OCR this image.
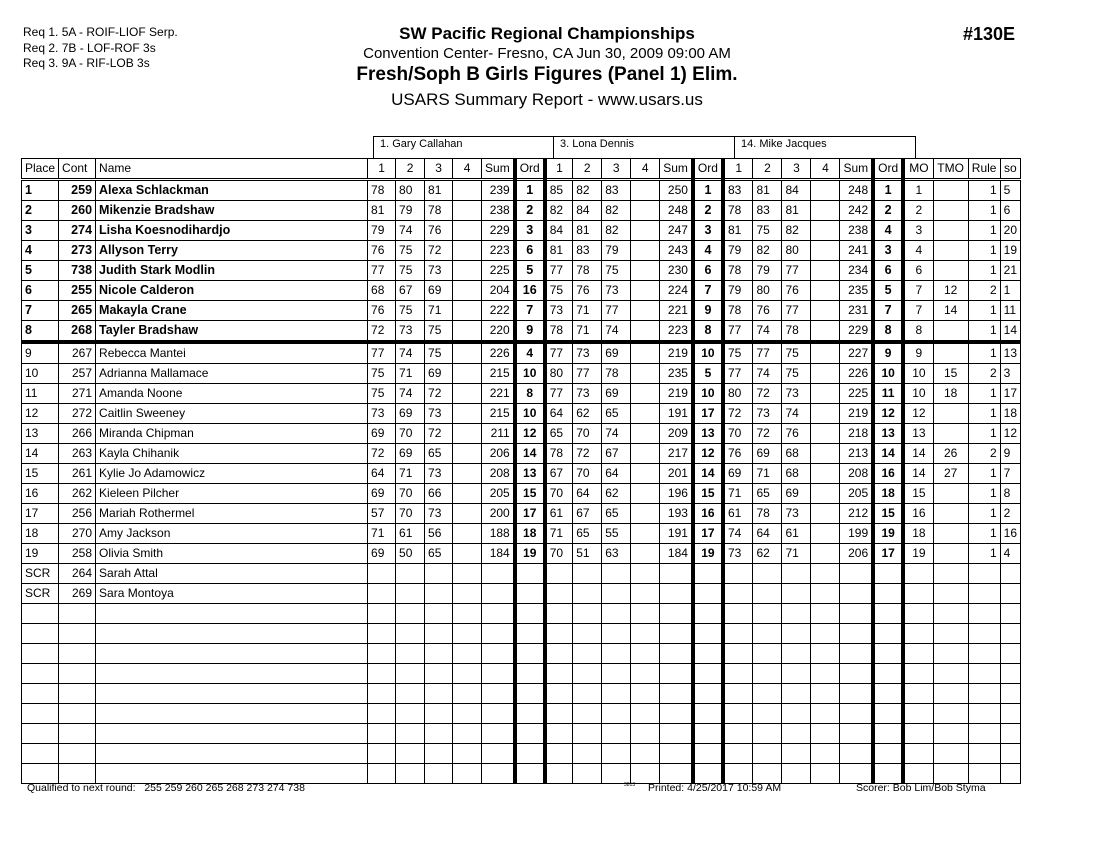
Req 1. 5A - ROIF-LIOF Serp.
Req 2. 7B - LOF-ROF 3s
Req 3. 9A - RIF-LOB 3s
SW Pacific Regional Championships
Convention Center- Fresno, CA Jun 30, 2009 09:00 AM
Fresh/Soph B Girls Figures (Panel 1) Elim.
USARS Summary Report - www.usars.us
#130E
1. Gary Callahan	3. Lona Dennis	14. Mike Jacques
Place	Cont	Name	1	2	3	4	Sum	Ord	1	2	3	4	Sum	Ord	1	2	3	4	Sum	Ord	MO	TMO	Rule	so
1	259	Alexa Schlackman	78	80	81		239	1	85	82	83		250	1	83	81	84		248	1	1		1	5
2	260	Mikenzie Bradshaw	81	79	78		238	2	82	84	82		248	2	78	83	81		242	2	2		1	6
3	274	Lisha Koesnodihardjo	79	74	76		229	3	84	81	82		247	3	81	75	82		238	4	3		1	20
4	273	Allyson Terry	76	75	72		223	6	81	83	79		243	4	79	82	80		241	3	4		1	19
5	738	Judith Stark Modlin	77	75	73		225	5	77	78	75		230	6	78	79	77		234	6	6		1	21
6	255	Nicole Calderon	68	67	69		204	16	75	76	73		224	7	79	80	76		235	5	7	12	2	1
7	265	Makayla Crane	76	75	71		222	7	73	71	77		221	9	78	76	77		231	7	7	14	1	11
8	268	Tayler Bradshaw	72	73	75		220	9	78	71	74		223	8	77	74	78		229	8	8		1	14
9	267	Rebecca Mantei	77	74	75		226	4	77	73	69		219	10	75	77	75		227	9	9		1	13
10	257	Adrianna Mallamace	75	71	69		215	10	80	77	78		235	5	77	74	75		226	10	10	15	2	3
11	271	Amanda Noone	75	74	72		221	8	77	73	69		219	10	80	72	73		225	11	10	18	1	17
12	272	Caitlin Sweeney	73	69	73		215	10	64	62	65		191	17	72	73	74		219	12	12		1	18
13	266	Miranda Chipman	69	70	72		211	12	65	70	74		209	13	70	72	76		218	13	13		1	12
14	263	Kayla Chihanik	72	69	65		206	14	78	72	67		217	12	76	69	68		213	14	14	26	2	9
15	261	Kylie Jo Adamowicz	64	71	73		208	13	67	70	64		201	14	69	71	68		208	16	14	27	1	7
16	262	Kieleen Pilcher	69	70	66		205	15	70	64	62		196	15	71	65	69		205	18	15		1	8
17	256	Mariah Rothermel	57	70	73		200	17	61	67	65		193	16	61	78	73		212	15	16		1	2
18	270	Amy Jackson	71	61	56		188	18	71	65	55		191	17	74	64	61		199	19	18		1	16
19	258	Olivia Smith	69	50	65		184	19	70	51	63		184	19	73	62	71		206	17	19		1	4
SCR	264	Sarah Attal																						
SCR	269	Sara Montoya																						

Qualified to next round: 255 259 260 265 268 273 274 738	3813 Printed: 4/25/2017 10:59 AM	Scorer: Bob Lim/Bob Styma
